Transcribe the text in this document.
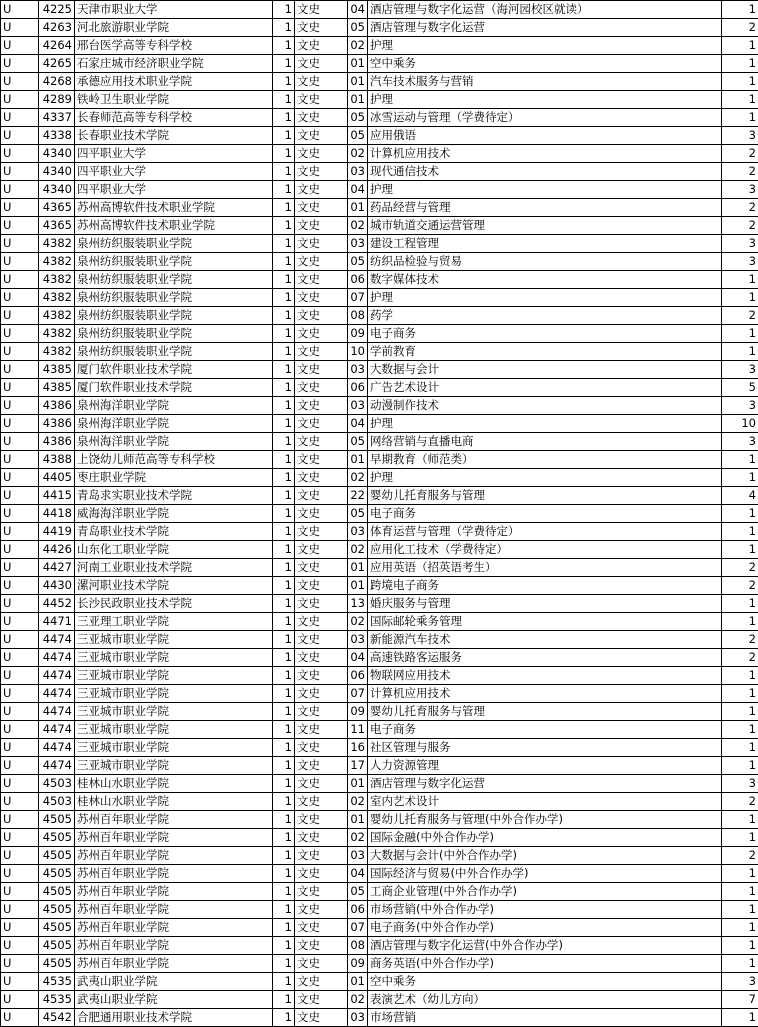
U	4225	天津市职业大学	1	文史	04	酒店管理与数字化运营（海河园校区就读）	1
U	4263	河北旅游职业学院	1	文史	05	酒店管理与数字化运营	2
U	4264	邢台医学高等专科学校	1	文史	02	护理	1
U	4265	石家庄城市经济职业学院	1	文史	01	空中乘务	1
U	4268	承德应用技术职业学院	1	文史	01	汽车技术服务与营销	1
U	4289	铁岭卫生职业学院	1	文史	01	护理	1
U	4337	长春师范高等专科学校	1	文史	05	冰雪运动与管理（学费待定）	1
U	4338	长春职业技术学院	1	文史	05	应用俄语	3
U	4340	四平职业大学	1	文史	02	计算机应用技术	2
U	4340	四平职业大学	1	文史	03	现代通信技术	2
U	4340	四平职业大学	1	文史	04	护理	3
U	4365	苏州高博软件技术职业学院	1	文史	01	药品经营与管理	2
U	4365	苏州高博软件技术职业学院	1	文史	02	城市轨道交通运营管理	2
U	4382	泉州纺织服装职业学院	1	文史	03	建设工程管理	3
U	4382	泉州纺织服装职业学院	1	文史	05	纺织品检验与贸易	3
U	4382	泉州纺织服装职业学院	1	文史	06	数字媒体技术	1
U	4382	泉州纺织服装职业学院	1	文史	07	护理	1
U	4382	泉州纺织服装职业学院	1	文史	08	药学	2
U	4382	泉州纺织服装职业学院	1	文史	09	电子商务	1
U	4382	泉州纺织服装职业学院	1	文史	10	学前教育	1
U	4385	厦门软件职业技术学院	1	文史	03	大数据与会计	3
U	4385	厦门软件职业技术学院	1	文史	06	广告艺术设计	5
U	4386	泉州海洋职业学院	1	文史	03	动漫制作技术	3
U	4386	泉州海洋职业学院	1	文史	04	护理	10
U	4386	泉州海洋职业学院	1	文史	05	网络营销与直播电商	3
U	4388	上饶幼儿师范高等专科学校	1	文史	01	早期教育（师范类）	1
U	4405	枣庄职业学院	1	文史	02	护理	1
U	4415	青岛求实职业技术学院	1	文史	22	婴幼儿托育服务与管理	4
U	4418	威海海洋职业学院	1	文史	05	电子商务	1
U	4419	青岛职业技术学院	1	文史	03	体育运营与管理（学费待定）	1
U	4426	山东化工职业学院	1	文史	02	应用化工技术（学费待定）	1
U	4427	河南工业职业技术学院	1	文史	01	应用英语（招英语考生）	2
U	4430	漯河职业技术学院	1	文史	01	跨境电子商务	2
U	4452	长沙民政职业技术学院	1	文史	13	婚庆服务与管理	1
U	4471	三亚理工职业学院	1	文史	02	国际邮轮乘务管理	1
U	4474	三亚城市职业学院	1	文史	03	新能源汽车技术	2
U	4474	三亚城市职业学院	1	文史	04	高速铁路客运服务	2
U	4474	三亚城市职业学院	1	文史	06	物联网应用技术	1
U	4474	三亚城市职业学院	1	文史	07	计算机应用技术	1
U	4474	三亚城市职业学院	1	文史	09	婴幼儿托育服务与管理	1
U	4474	三亚城市职业学院	1	文史	11	电子商务	1
U	4474	三亚城市职业学院	1	文史	16	社区管理与服务	1
U	4474	三亚城市职业学院	1	文史	17	人力资源管理	1
U	4503	桂林山水职业学院	1	文史	01	酒店管理与数字化运营	3
U	4503	桂林山水职业学院	1	文史	02	室内艺术设计	2
U	4505	苏州百年职业学院	1	文史	01	婴幼儿托育服务与管理(中外合作办学)	1
U	4505	苏州百年职业学院	1	文史	02	国际金融(中外合作办学)	1
U	4505	苏州百年职业学院	1	文史	03	大数据与会计(中外合作办学)	2
U	4505	苏州百年职业学院	1	文史	04	国际经济与贸易(中外合作办学)	1
U	4505	苏州百年职业学院	1	文史	05	工商企业管理(中外合作办学)	1
U	4505	苏州百年职业学院	1	文史	06	市场营销(中外合作办学)	1
U	4505	苏州百年职业学院	1	文史	07	电子商务(中外合作办学)	1
U	4505	苏州百年职业学院	1	文史	08	酒店管理与数字化运营(中外合作办学)	1
U	4505	苏州百年职业学院	1	文史	09	商务英语(中外合作办学)	1
U	4535	武夷山职业学院	1	文史	01	空中乘务	3
U	4535	武夷山职业学院	1	文史	02	表演艺术（幼儿方向）	7
U	4542	合肥通用职业技术学院	1	文史	03	市场营销	1
